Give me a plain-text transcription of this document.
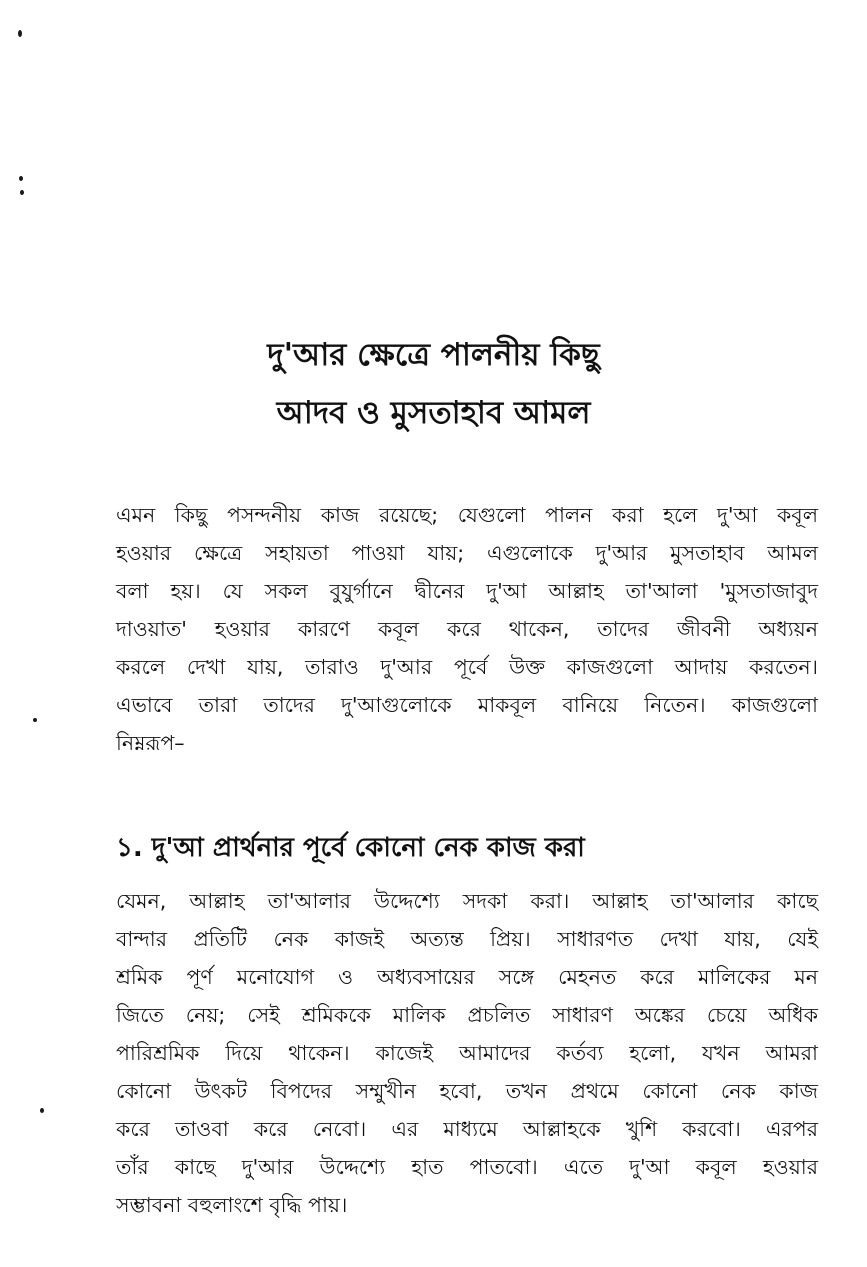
দু'আর ক্ষেত্রে পালনীয় কিছু
আদব ও মুসতাহাব আমল
এমন কিছু পসন্দনীয় কাজ রয়েছে; যেগুলো পালন করা হলে দু'আ কবূল
হওয়ার ক্ষেত্রে সহায়তা পাওয়া যায়; এগুলোকে দু'আর মুসতাহাব আমল
বলা হয়। যে সকল বুযুর্গানে দ্বীনের দু'আ আল্লাহ তা'আলা 'মুসতাজাবুদ
দাওয়াত' হওয়ার কারণে কবূল করে থাকেন, তাদের জীবনী অধ্যয়ন
করলে দেখা যায়, তারাও দু'আর পূর্বে উক্ত কাজগুলো আদায় করতেন।
এভাবে তারা তাদের দু'আগুলোকে মাকবূল বানিয়ে নিতেন। কাজগুলো
নিম্নরূপ–
১. দু'আ প্রার্থনার পূর্বে কোনো নেক কাজ করা
যেমন, আল্লাহ তা'আলার উদ্দেশ্যে সদকা করা। আল্লাহ তা'আলার কাছে
বান্দার প্রতিটি নেক কাজই অত্যন্ত প্রিয়। সাধারণত দেখা যায়, যেই
শ্রমিক পূর্ণ মনোযোগ ও অধ্যবসায়ের সঙ্গে মেহনত করে মালিকের মন
জিতে নেয়; সেই শ্রমিককে মালিক প্রচলিত সাধারণ অঙ্কের চেয়ে অধিক
পারিশ্রমিক দিয়ে থাকেন। কাজেই আমাদের কর্তব্য হলো, যখন আমরা
কোনো উৎকট বিপদের সম্মুখীন হবো, তখন প্রথমে কোনো নেক কাজ
করে তাওবা করে নেবো। এর মাধ্যমে আল্লাহকে খুশি করবো। এরপর
তাঁর কাছে দু'আর উদ্দেশ্যে হাত পাতবো। এতে দু'আ কবূল হওয়ার
সম্ভাবনা বহুলাংশে বৃদ্ধি পায়।
